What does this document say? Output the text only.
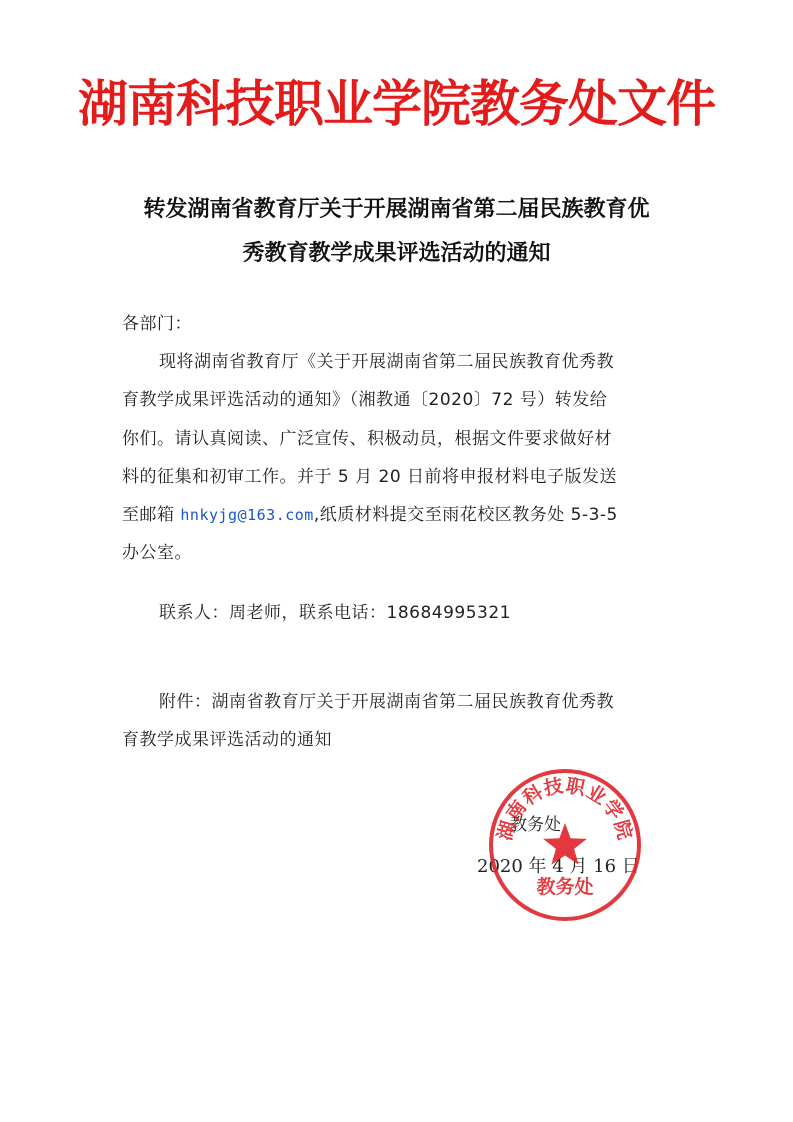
湖南科技职业学院教务处文件
转发湖南省教育厅关于开展湖南省第二届民族教育优
秀教育教学成果评选活动的通知
各部门：
现将湖南省教育厅《关于开展湖南省第二届民族教育优秀教
育教学成果评选活动的通知》（湘教通〔2020〕72 号）转发给
你们。请认真阅读、广泛宣传、积极动员，根据文件要求做好材
料的征集和初审工作。并于 5 月 20 日前将申报材料电子版发送
至邮箱 hnkyjg@163.com,纸质材料提交至雨花校区教务处 5-3-5
办公室。
联系人：周老师，联系电话：18684995321
附件：湖南省教育厅关于开展湖南省第二届民族教育优秀教
育教学成果评选活动的通知
教务处
2020 年 4 月 16 日
湖南科技职业学院
教务处
